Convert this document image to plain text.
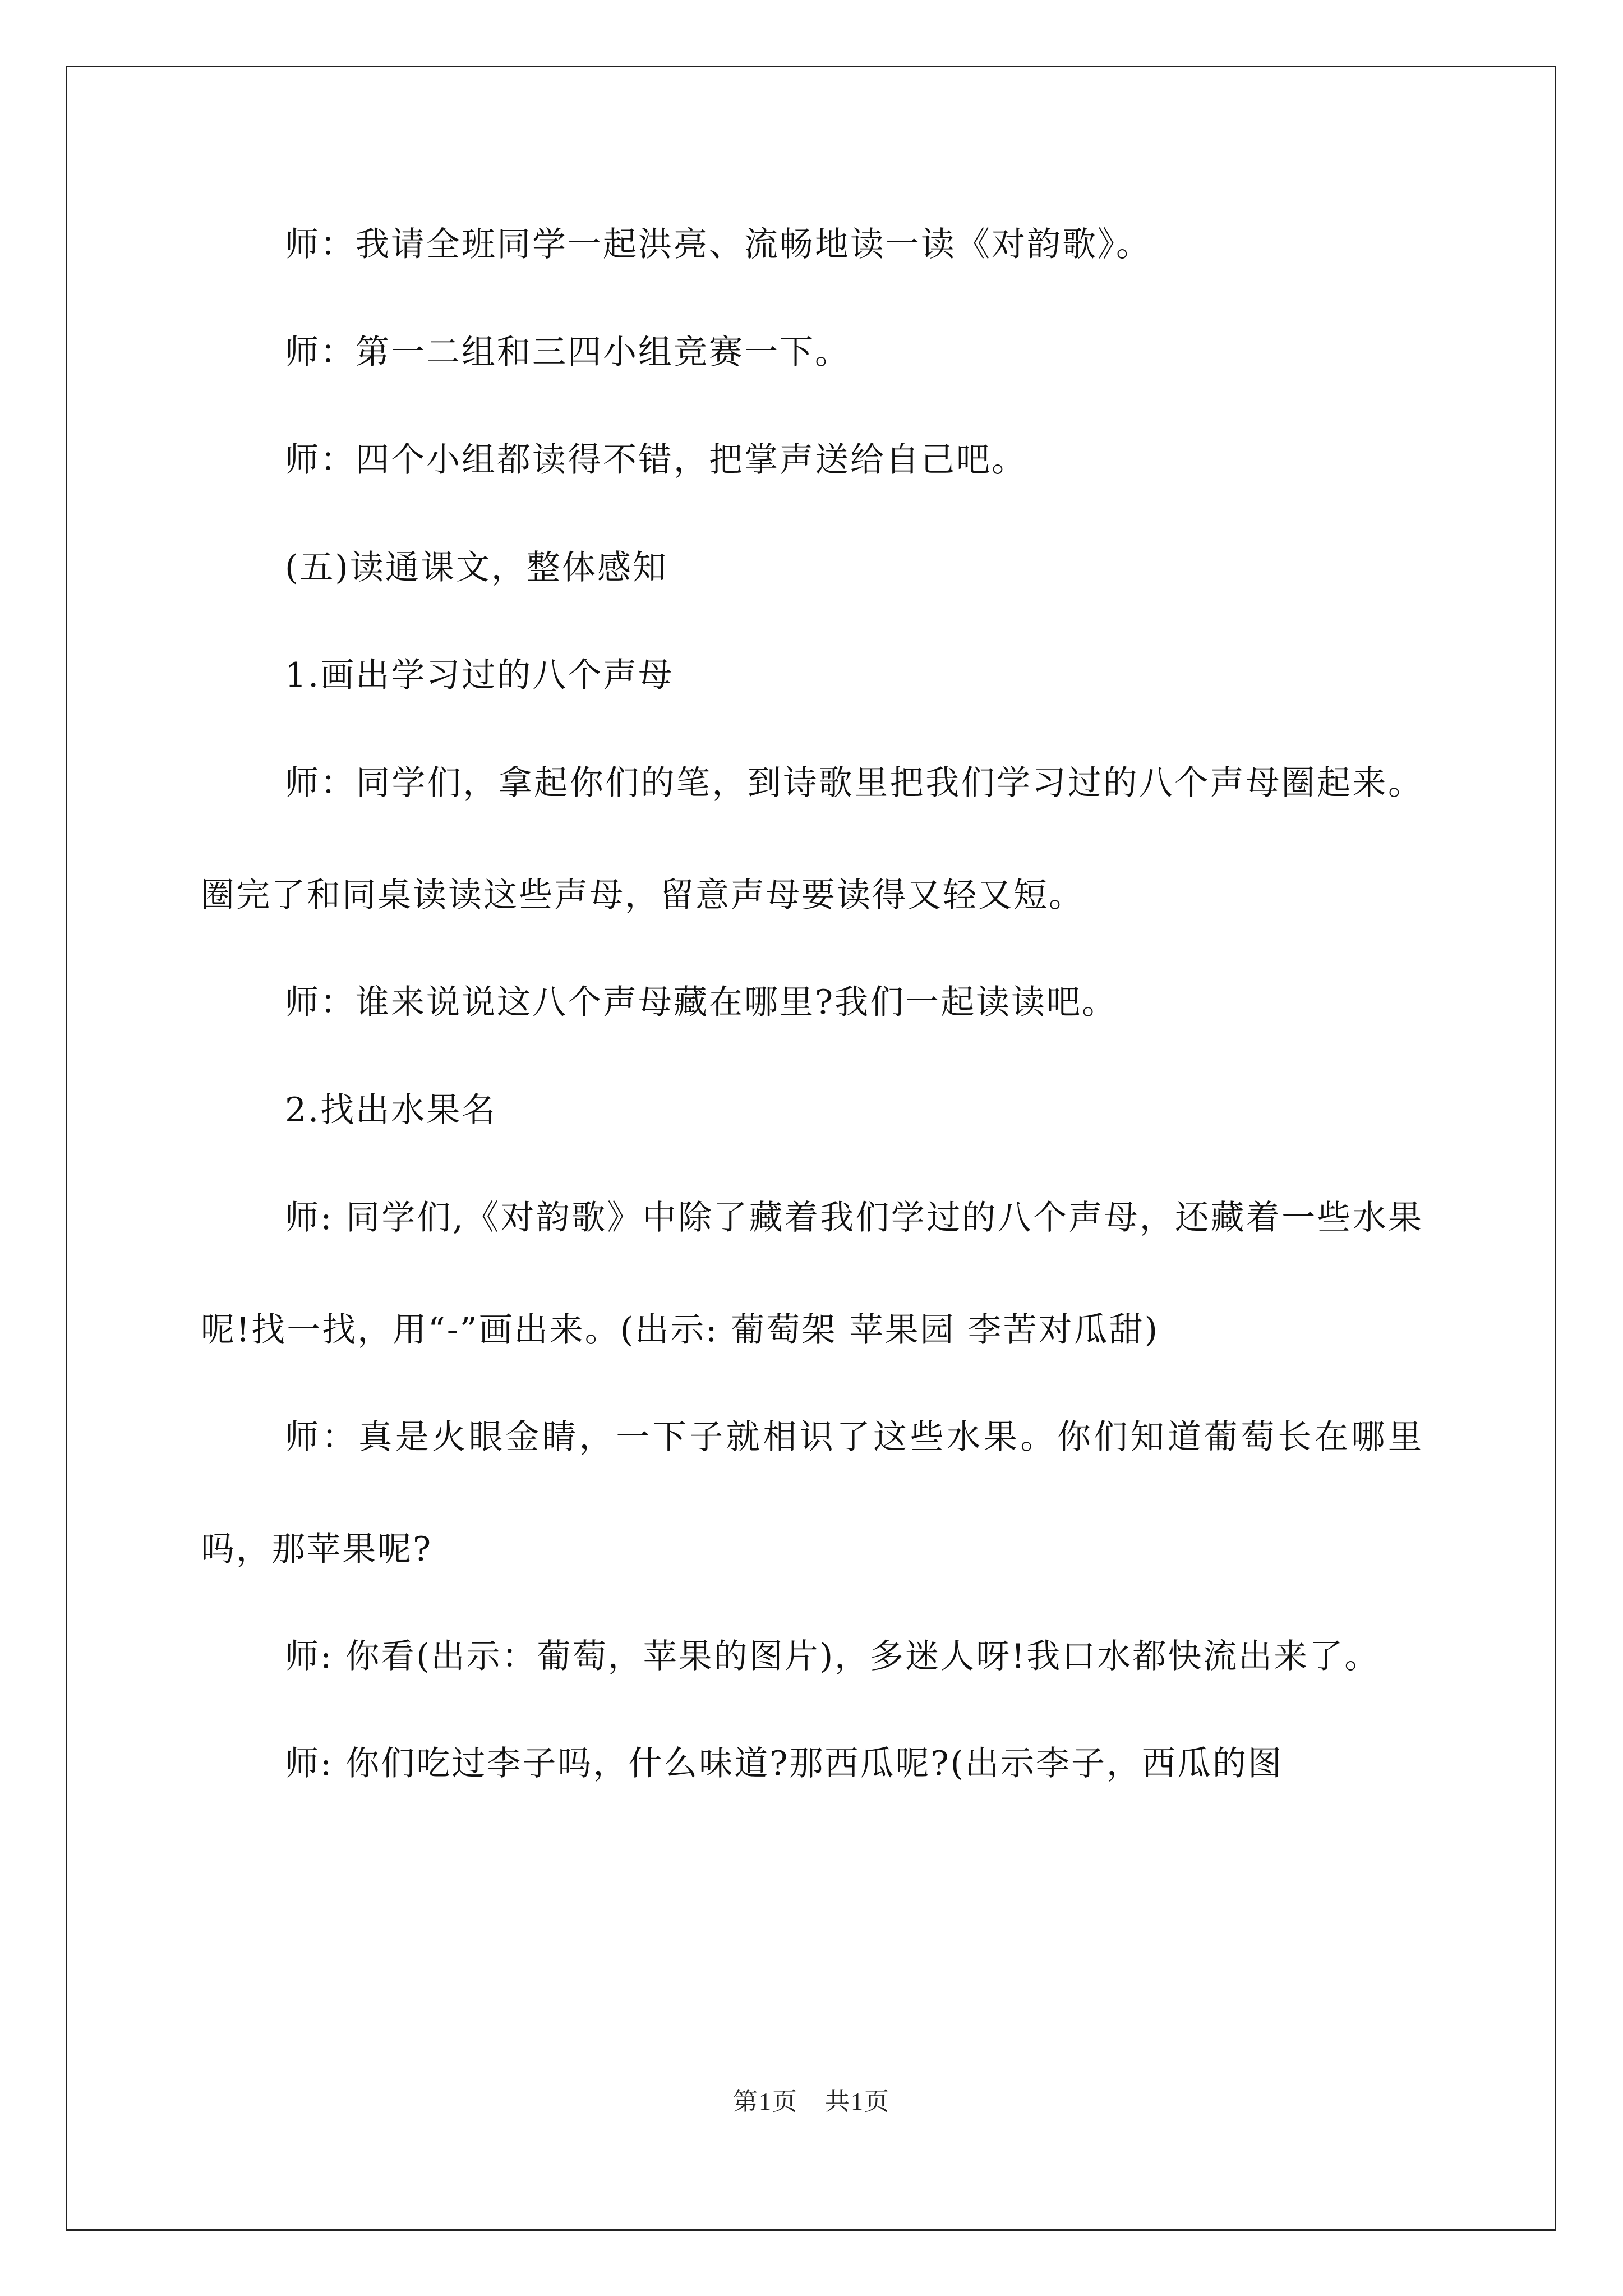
师：我请全班同学一起洪亮、流畅地读一读《对韵歌》。

师：第一二组和三四小组竞赛一下。

师：四个小组都读得不错，把掌声送给自己吧。

(五)读通课文，整体感知

1.画出学习过的八个声母

师：同学们，拿起你们的笔，到诗歌里把我们学习过的八个声母圈起来。圈完了和同桌读读这些声母，留意声母要读得又轻又短。

师：谁来说说这八个声母藏在哪里?我们一起读读吧。

2.找出水果名

师: 同学们,《对韵歌》中除了藏着我们学过的八个声母，还藏着一些水果呢!找一找，用“-”画出来。(出示: 葡萄架 苹果园 李苦对瓜甜)

师：真是火眼金睛，一下子就相识了这些水果。你们知道葡萄长在哪里吗，那苹果呢?

师: 你看(出示：葡萄，苹果的图片)，多迷人呀!我口水都快流出来了。

师: 你们吃过李子吗，什么味道?那西瓜呢?(出示李子，西瓜的图

第1页 共1页
